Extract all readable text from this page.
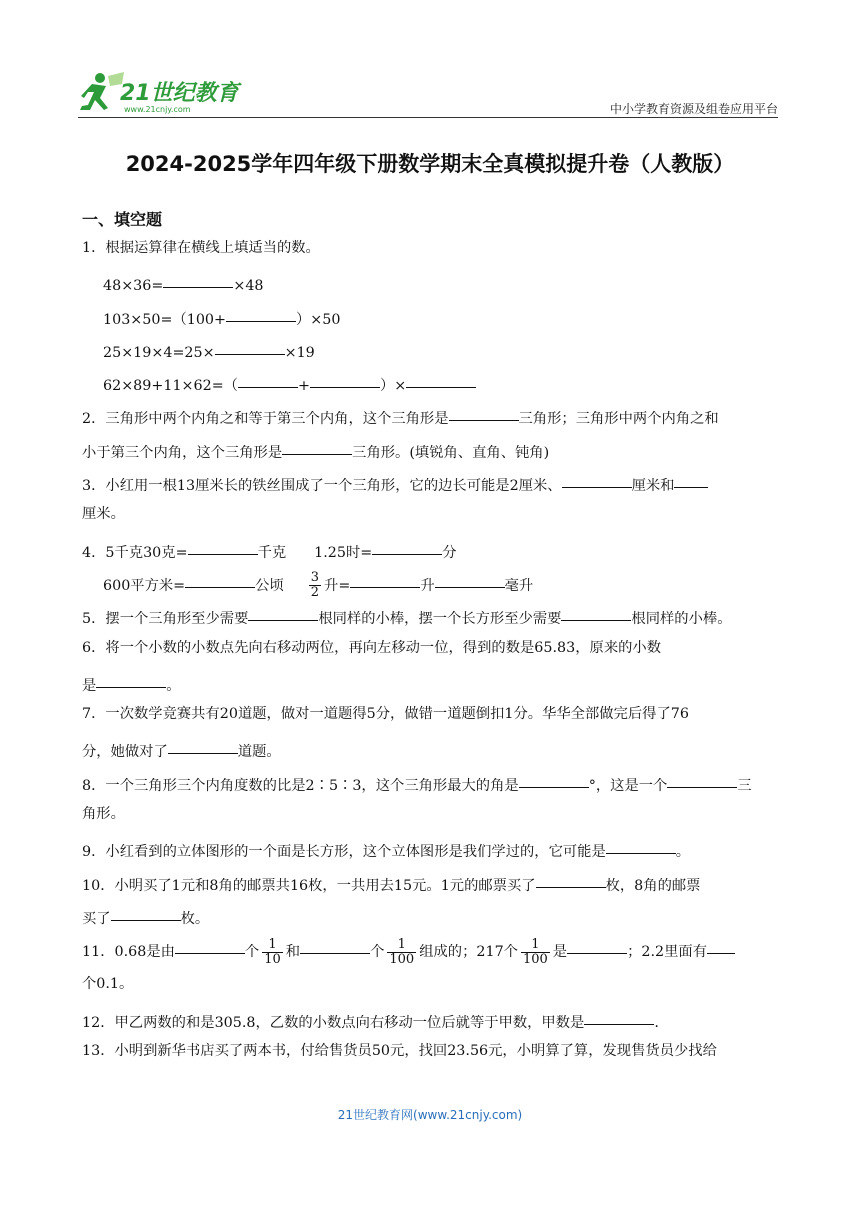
21世纪教育
www.21cnjy.com	中小学教育资源及组卷应用平台
2024-2025学年四年级下册数学期末全真模拟提升卷（人教版）
一、填空题
1．根据运算律在横线上填适当的数。
48×36=	×48
103×50=（100+	）×50
25×19×4=25×	×19
62×89+11×62=（	+	）×
2．三角形中两个内角之和等于第三个内角，这个三角形是	三角形；三角形中两个内角之和
小于第三个内角，这个三角形是	三角形。(填锐角、直角、钝角)
3．小红用一根13厘米长的铁丝围成了一个三角形，它的边长可能是2厘米、	厘米和
厘米。
4．5千克30克=	千克 1.25时=	分
600平方米=	公顷 $\frac{3}{2}$ 升=	升	毫升
5．摆一个三角形至少需要	根同样的小棒，摆一个长方形至少需要	根同样的小棒。
6．将一个小数的小数点先向右移动两位，再向左移动一位，得到的数是65.83，原来的小数
是	。
7．一次数学竞赛共有20道题，做对一道题得5分，做错一道题倒扣1分。华华全部做完后得了76
分，她做对了	道题。
8．一个三角形三个内角度数的比是2∶5∶3，这个三角形最大的角是	°，这是一个	三
角形。
9．小红看到的立体图形的一个面是长方形，这个立体图形是我们学过的，它可能是	。
10．小明买了1元和8角的邮票共16枚，一共用去15元。1元的邮票买了	枚，8角的邮票
买了	枚。
11．0.68是由	个 $\frac{1}{10}$ 和	个 $\frac{1}{100}$ 组成的；217个 $\frac{1}{100}$ 是	；2.2里面有
个0.1。
12．甲乙两数的和是305.8，乙数的小数点向右移动一位后就等于甲数，甲数是	.
13．小明到新华书店买了两本书，付给售货员50元，找回23.56元，小明算了算，发现售货员少找给
21世纪教育网(www.21cnjy.com)
